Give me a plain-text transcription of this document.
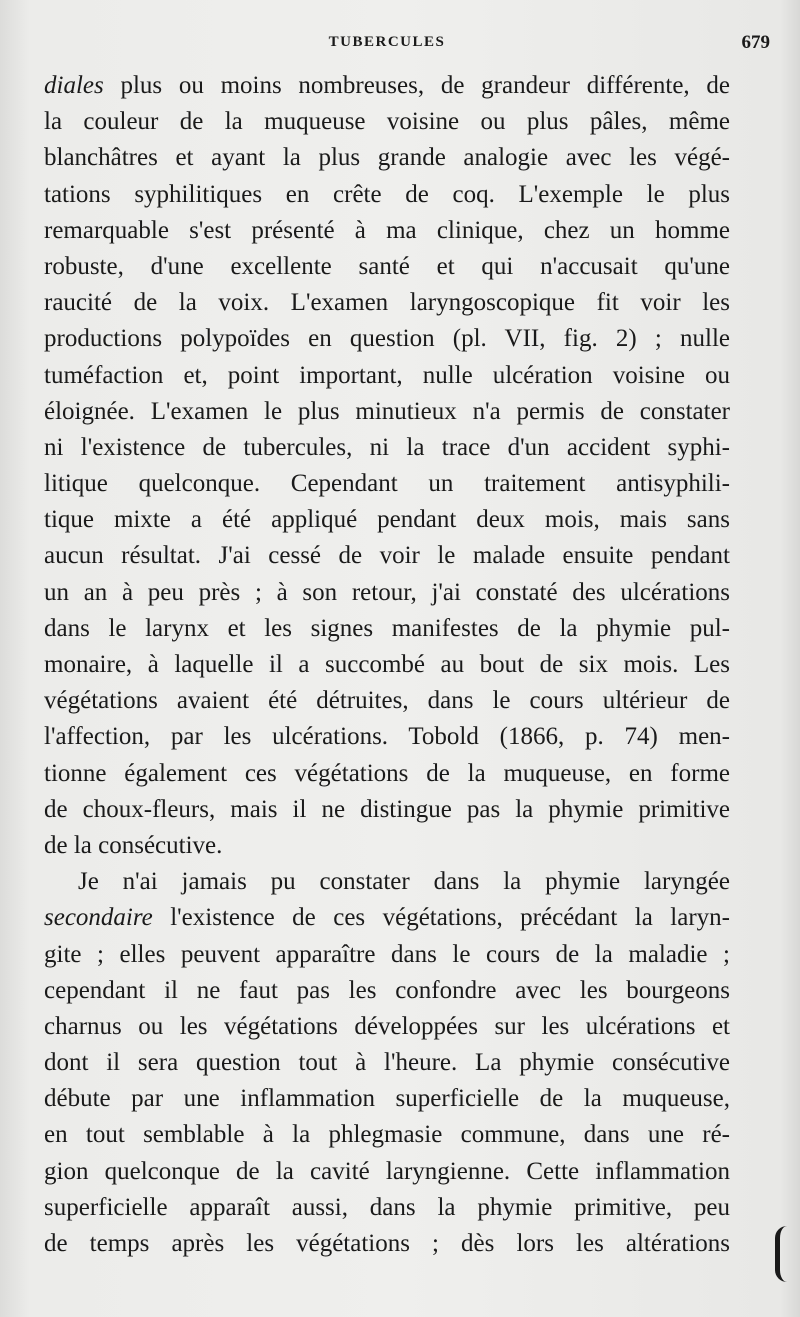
TUBERCULES	679
diales plus ou moins nombreuses, de grandeur différente, de
la couleur de la muqueuse voisine ou plus pâles, même
blanchâtres et ayant la plus grande analogie avec les végé-
tations syphilitiques en crête de coq. L'exemple le plus
remarquable s'est présenté à ma clinique, chez un homme
robuste, d'une excellente santé et qui n'accusait qu'une
raucité de la voix. L'examen laryngoscopique fit voir les
productions polypoïdes en question (pl. VII, fig. 2) ; nulle
tuméfaction et, point important, nulle ulcération voisine ou
éloignée. L'examen le plus minutieux n'a permis de constater
ni l'existence de tubercules, ni la trace d'un accident syphi-
litique quelconque. Cependant un traitement antisyphili-
tique mixte a été appliqué pendant deux mois, mais sans
aucun résultat. J'ai cessé de voir le malade ensuite pendant
un an à peu près ; à son retour, j'ai constaté des ulcérations
dans le larynx et les signes manifestes de la phymie pul-
monaire, à laquelle il a succombé au bout de six mois. Les
végétations avaient été détruites, dans le cours ultérieur de
l'affection, par les ulcérations. Tobold (1866, p. 74) men-
tionne également ces végétations de la muqueuse, en forme
de choux-fleurs, mais il ne distingue pas la phymie primitive
de la consécutive.
Je n'ai jamais pu constater dans la phymie laryngée
secondaire l'existence de ces végétations, précédant la laryn-
gite ; elles peuvent apparaître dans le cours de la maladie ;
cependant il ne faut pas les confondre avec les bourgeons
charnus ou les végétations développées sur les ulcérations et
dont il sera question tout à l'heure. La phymie consécutive
débute par une inflammation superficielle de la muqueuse,
en tout semblable à la phlegmasie commune, dans une ré-
gion quelconque de la cavité laryngienne. Cette inflammation
superficielle apparaît aussi, dans la phymie primitive, peu
de temps après les végétations ; dès lors les altérations
